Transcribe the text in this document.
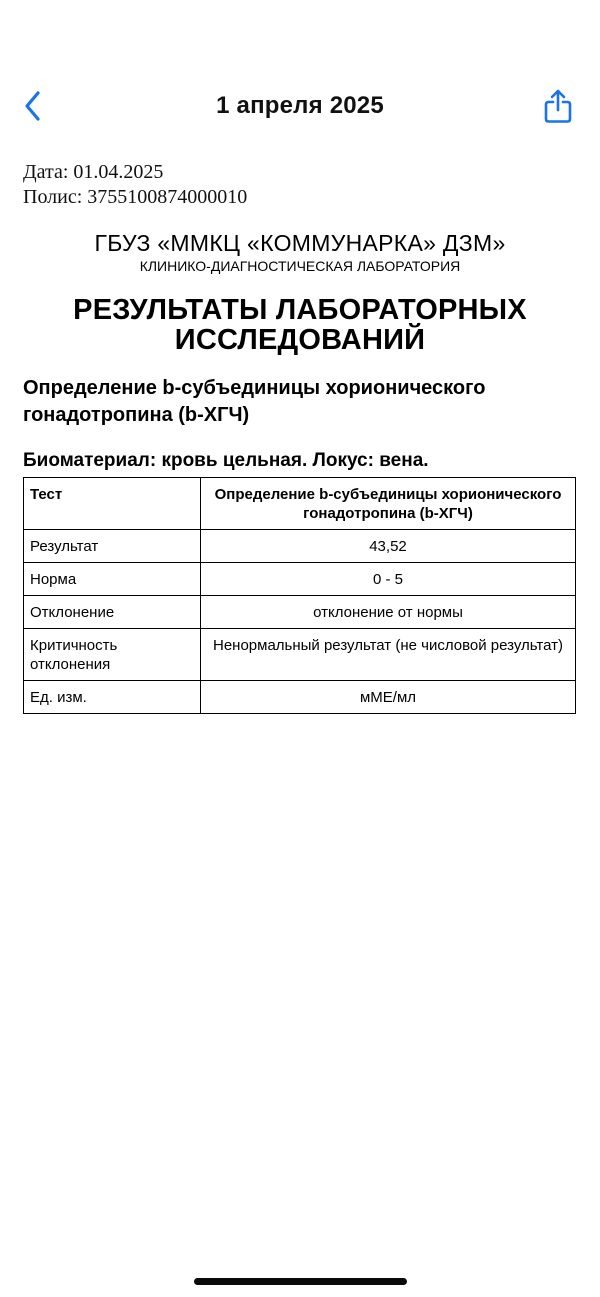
1 апреля 2025
Дата: 01.04.2025
Полис: 3755100874000010
ГБУЗ «ММКЦ «КОММУНАРКА» ДЗМ»
КЛИНИКО-ДИАГНОСТИЧЕСКАЯ ЛАБОРАТОРИЯ
РЕЗУЛЬТАТЫ ЛАБОРАТОРНЫХ ИССЛЕДОВАНИЙ
Определение b-субъединицы хорионического гонадотропина (b-ХГЧ)
Биоматериал: кровь цельная. Локус: вена.
Тест	Определение b-субъединицы хорионического гонадотропина (b-ХГЧ)
Результат	43,52
Норма	0 - 5
Отклонение	отклонение от нормы
Критичность отклонения	Ненормальный результат (не числовой результат)
Ед. изм.	мМЕ/мл
